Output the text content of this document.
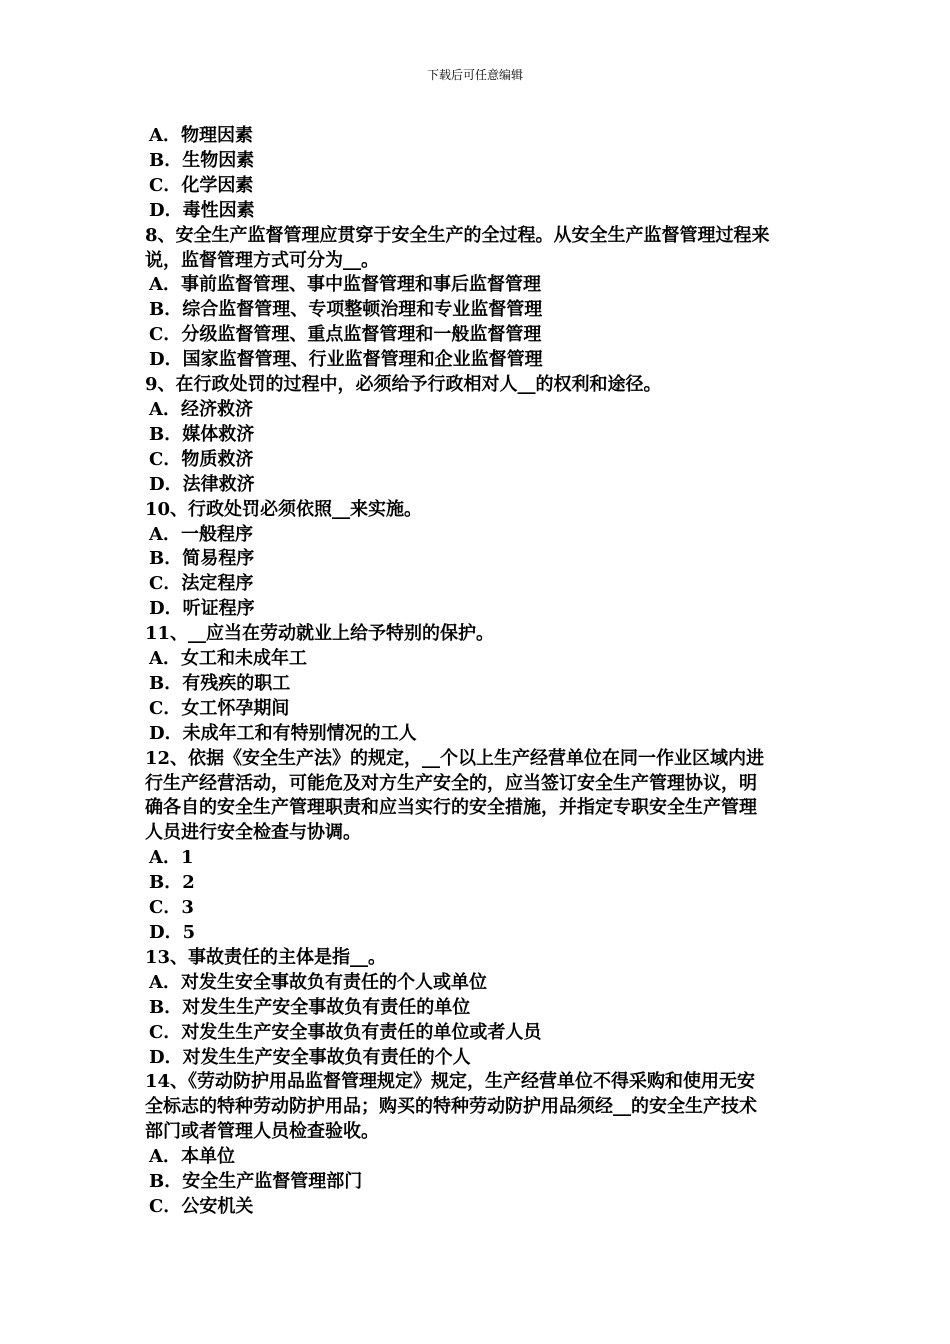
下载后可任意编辑
A．物理因素
B．生物因素
C．化学因素
D．毒性因素
8、安全生产监督管理应贯穿于安全生产的全过程。从安全生产监督管理过程来
说，监督管理方式可分为__。
A．事前监督管理、事中监督管理和事后监督管理
B．综合监督管理、专项整顿治理和专业监督管理
C．分级监督管理、重点监督管理和一般监督管理
D．国家监督管理、行业监督管理和企业监督管理
9、在行政处罚的过程中，必须给予行政相对人__的权利和途径。
A．经济救济
B．媒体救济
C．物质救济
D．法律救济
10、行政处罚必须依照__来实施。
A．一般程序
B．简易程序
C．法定程序
D．听证程序
11、__应当在劳动就业上给予特别的保护。
A．女工和未成年工
B．有残疾的职工
C．女工怀孕期间
D．未成年工和有特别情况的工人
12、依据《安全生产法》的规定，__个以上生产经营单位在同一作业区域内进
行生产经营活动，可能危及对方生产安全的，应当签订安全生产管理协议，明
确各自的安全生产管理职责和应当实行的安全措施，并指定专职安全生产管理
人员进行安全检查与协调。
A．1
B．2
C．3
D．5
13、事故责任的主体是指__。
A．对发生安全事故负有责任的个人或单位
B．对发生生产安全事故负有责任的单位
C．对发生生产安全事故负有责任的单位或者人员
D．对发生生产安全事故负有责任的个人
14、《劳动防护用品监督管理规定》规定，生产经营单位不得采购和使用无安
全标志的特种劳动防护用品；购买的特种劳动防护用品须经__的安全生产技术
部门或者管理人员检查验收。
A．本单位
B．安全生产监督管理部门
C．公安机关
